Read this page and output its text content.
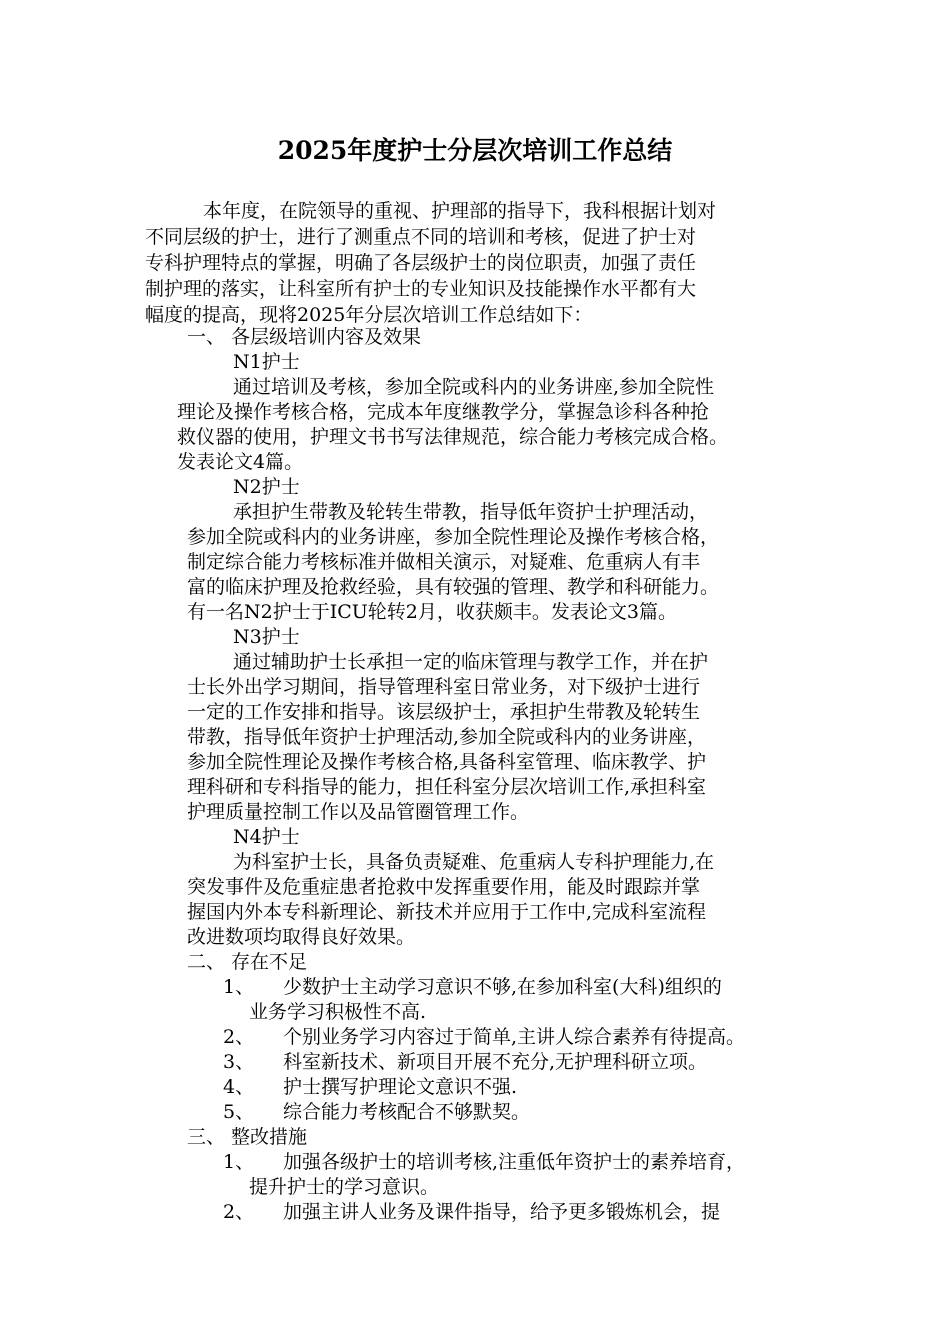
2025年度护士分层次培训工作总结
本年度，在院领导的重视、护理部的指导下，我科根据计划对
不同层级的护士，进行了测重点不同的培训和考核，促进了护士对
专科护理特点的掌握，明确了各层级护士的岗位职责，加强了责任
制护理的落实，让科室所有护士的专业知识及技能操作水平都有大
幅度的提高，现将2025年分层次培训工作总结如下：
一、 各层级培训内容及效果
N1护士
通过培训及考核，参加全院或科内的业务讲座,参加全院性
理论及操作考核合格，完成本年度继教学分，掌握急诊科各种抢
救仪器的使用，护理文书书写法律规范，综合能力考核完成合格。
发表论文4篇。
N2护士
承担护生带教及轮转生带教，指导低年资护士护理活动，
参加全院或科内的业务讲座，参加全院性理论及操作考核合格，
制定综合能力考核标准并做相关演示，对疑难、危重病人有丰
富的临床护理及抢救经验，具有较强的管理、教学和科研能力。
有一名N2护士于ICU轮转2月，收获颇丰。发表论文3篇。
N3护士
通过辅助护士长承担一定的临床管理与教学工作，并在护
士长外出学习期间，指导管理科室日常业务，对下级护士进行
一定的工作安排和指导。该层级护士，承担护生带教及轮转生
带教，指导低年资护士护理活动,参加全院或科内的业务讲座，
参加全院性理论及操作考核合格,具备科室管理、临床教学、护
理科研和专科指导的能力，担任科室分层次培训工作,承担科室
护理质量控制工作以及品管圈管理工作。
N4护士
为科室护士长，具备负责疑难、危重病人专科护理能力,在
突发事件及危重症患者抢救中发挥重要作用，能及时跟踪并掌
握国内外本专科新理论、新技术并应用于工作中,完成科室流程
改进数项均取得良好效果。
二、 存在不足
1、 少数护士主动学习意识不够,在参加科室(大科)组织的
业务学习积极性不高.
2、 个别业务学习内容过于简单,主讲人综合素养有待提高。
3、 科室新技术、新项目开展不充分,无护理科研立项。
4、 护士撰写护理论文意识不强.
5、 综合能力考核配合不够默契。
三、 整改措施
1、 加强各级护士的培训考核,注重低年资护士的素养培育，
提升护士的学习意识。
2、 加强主讲人业务及课件指导，给予更多锻炼机会，提
